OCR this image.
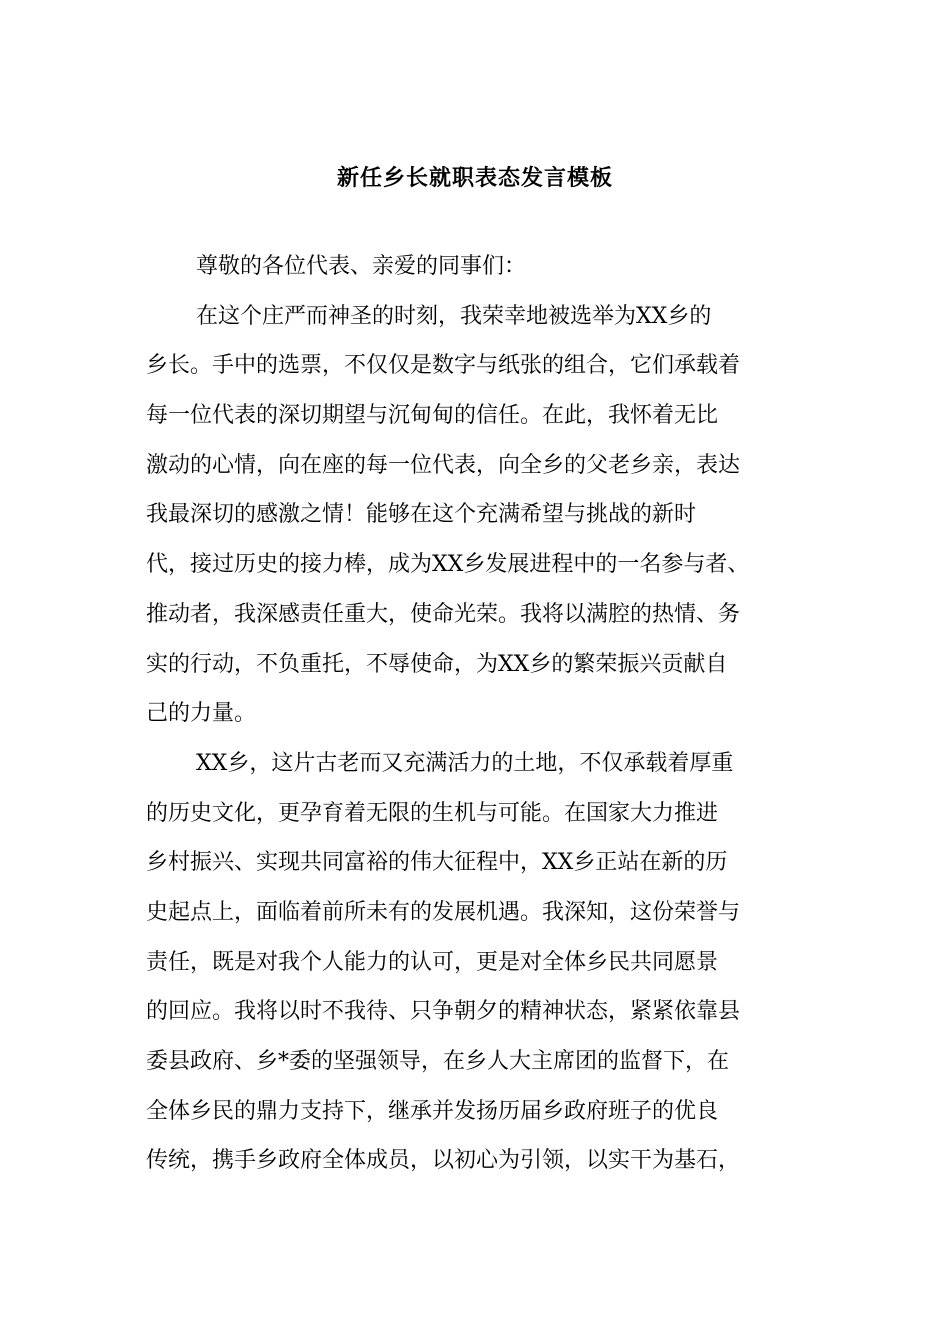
新任乡长就职表态发言模板
尊敬的各位代表、亲爱的同事们：
在这个庄严而神圣的时刻，我荣幸地被选举为XX乡的
乡长。手中的选票，不仅仅是数字与纸张的组合，它们承载着
每一位代表的深切期望与沉甸甸的信任。在此，我怀着无比
激动的心情，向在座的每一位代表，向全乡的父老乡亲，表达
我最深切的感激之情！能够在这个充满希望与挑战的新时
代，接过历史的接力棒，成为XX乡发展进程中的一名参与者、
推动者，我深感责任重大，使命光荣。我将以满腔的热情、务
实的行动，不负重托，不辱使命，为XX乡的繁荣振兴贡献自
己的力量。
XX乡，这片古老而又充满活力的土地，不仅承载着厚重
的历史文化，更孕育着无限的生机与可能。在国家大力推进
乡村振兴、实现共同富裕的伟大征程中，XX乡正站在新的历
史起点上，面临着前所未有的发展机遇。我深知，这份荣誉与
责任，既是对我个人能力的认可，更是对全体乡民共同愿景
的回应。我将以时不我待、只争朝夕的精神状态，紧紧依靠县
委县政府、乡*委的坚强领导，在乡人大主席团的监督下，在
全体乡民的鼎力支持下，继承并发扬历届乡政府班子的优良
传统，携手乡政府全体成员，以初心为引领，以实干为基石，
